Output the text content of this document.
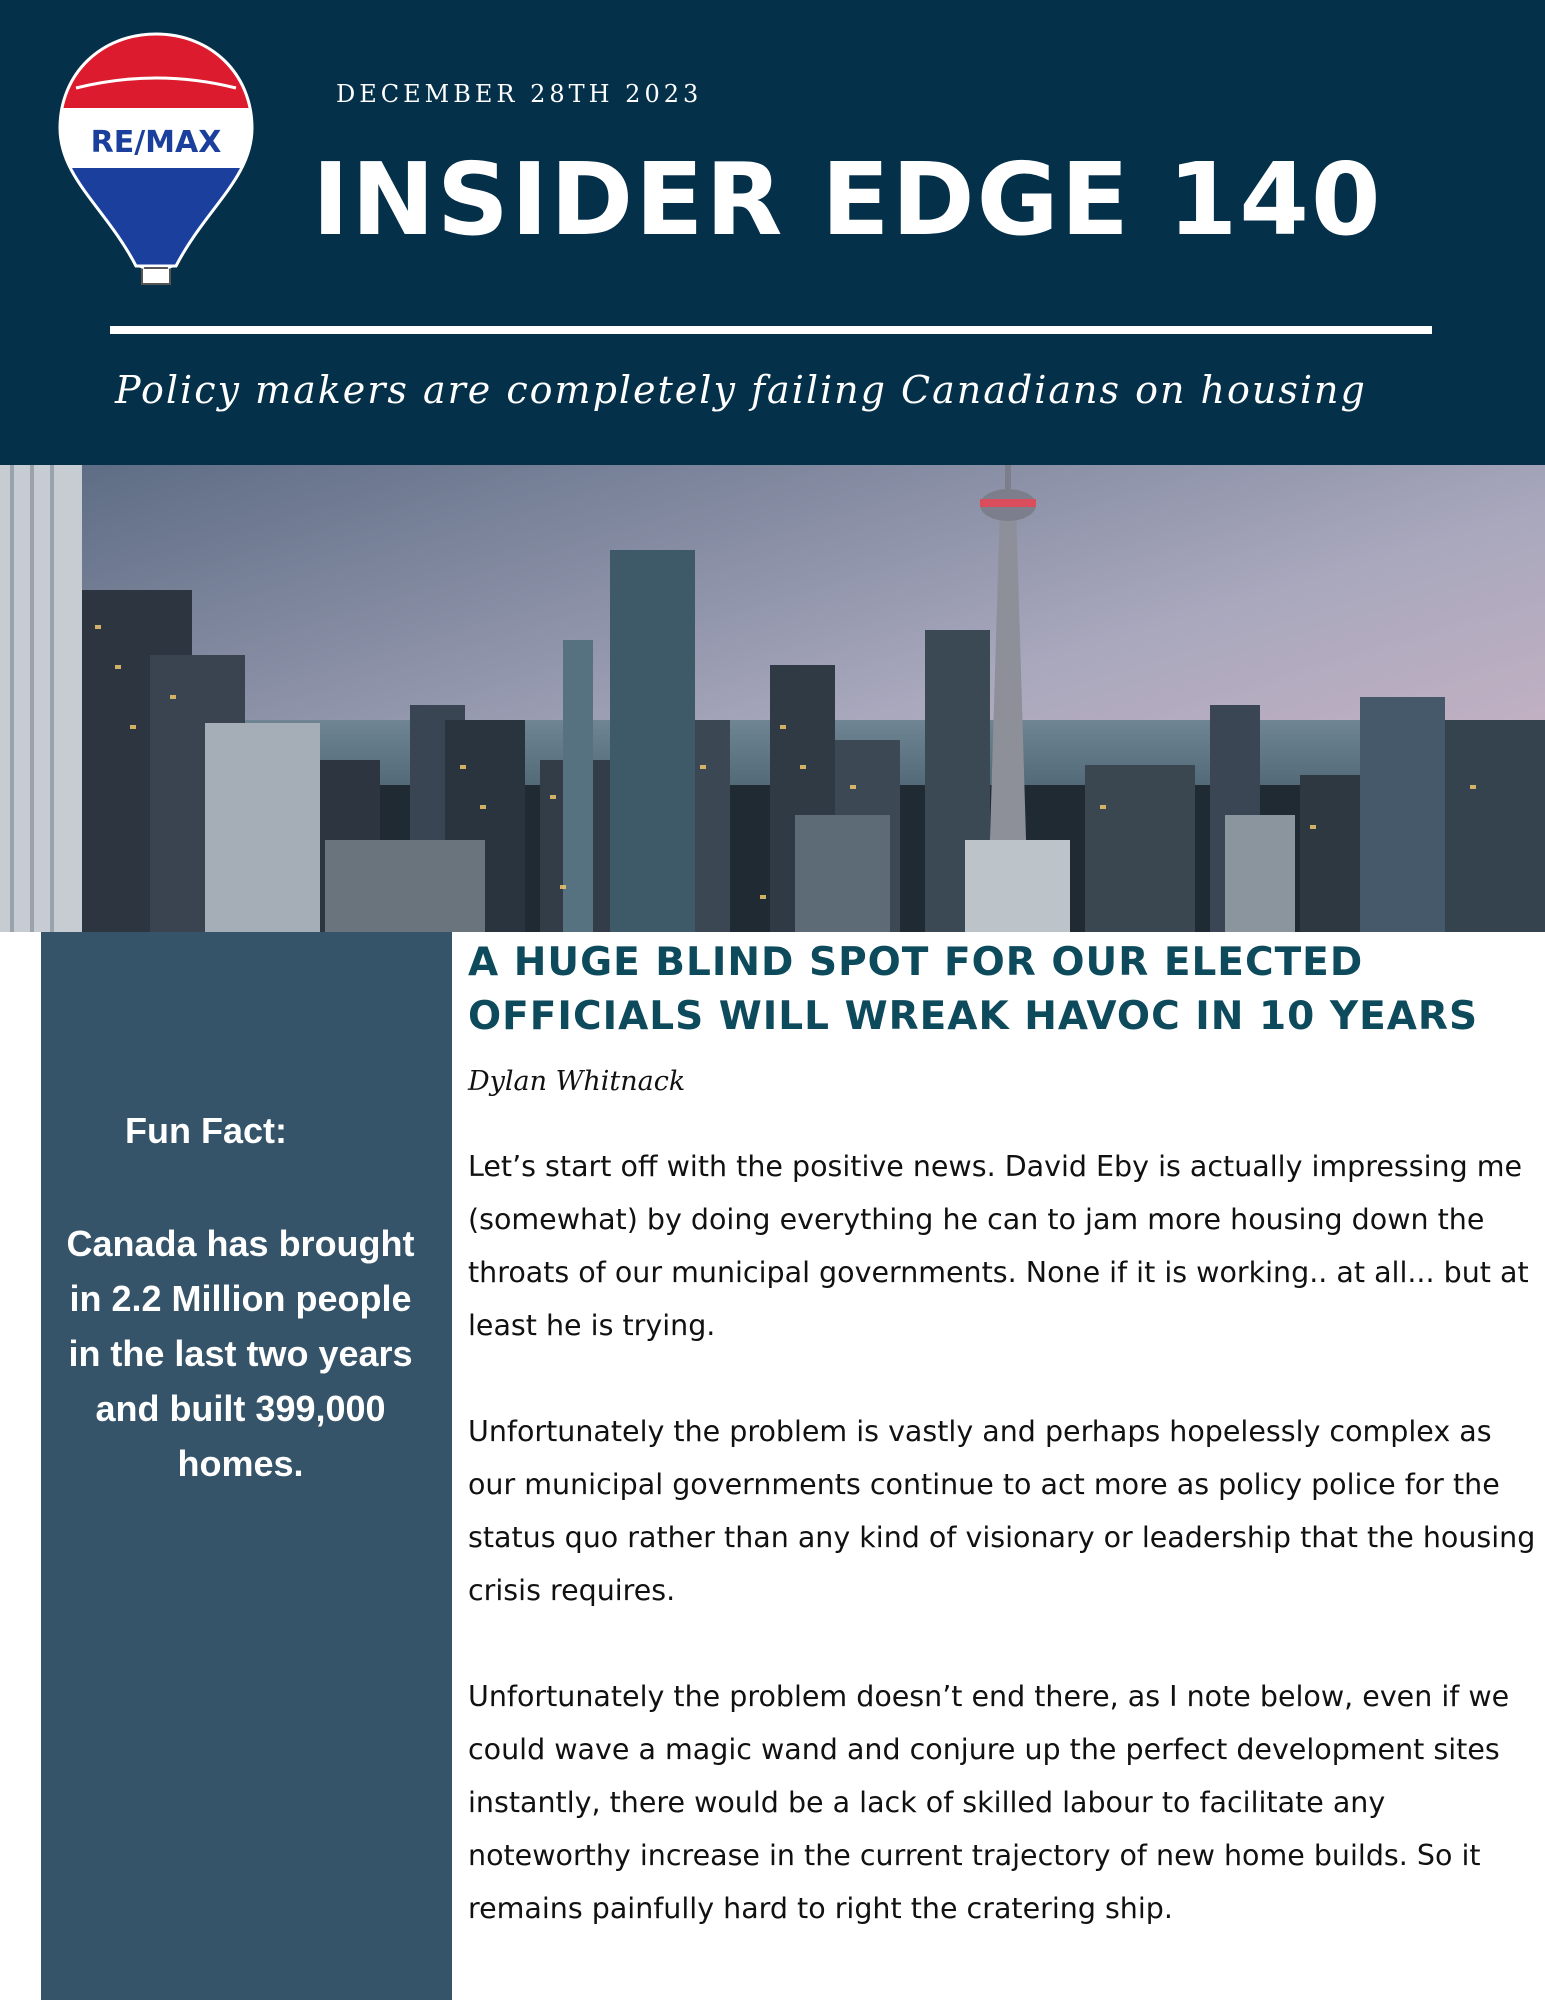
RE/MAX
DECEMBER 28TH 2023
INSIDER EDGE 140
Policy makers are completely failing Canadians on housing
Fun Fact:
Canada has brought in 2.2 Million people in the last two years and built 399,000 homes.
A HUGE BLIND SPOT FOR OUR ELECTED OFFICIALS WILL WREAK HAVOC IN 10 YEARS
Dylan Whitnack

Let’s start off with the positive news. David Eby is actually impressing me (somewhat) by doing everything he can to jam more housing down the throats of our municipal governments. None if it is working.. at all... but at least he is trying.

Unfortunately the problem is vastly and perhaps hopelessly complex as our municipal governments continue to act more as policy police for the status quo rather than any kind of visionary or leadership that the housing crisis requires.

Unfortunately the problem doesn’t end there, as I note below, even if we could wave a magic wand and conjure up the perfect development sites instantly, there would be a lack of skilled labour to facilitate any noteworthy increase in the current trajectory of new home builds. So it remains painfully hard to right the cratering ship.
